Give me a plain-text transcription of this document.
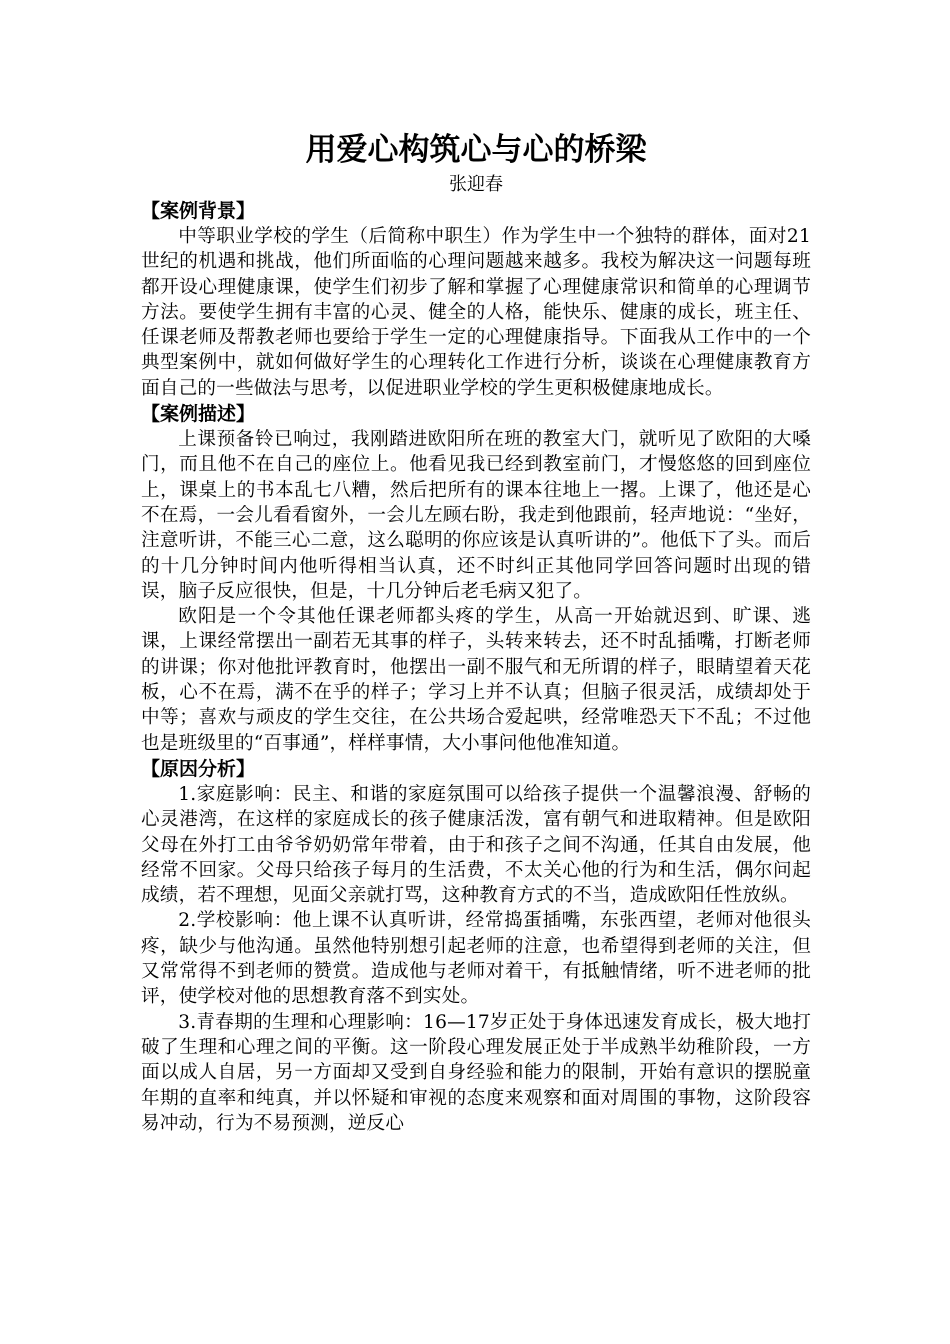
用爱心构筑心与心的桥梁
张迎春
【案例背景】

中等职业学校的学生（后简称中职生）作为学生中一个独特的群体，面对21世纪的机遇和挑战，他们所面临的心理问题越来越多。我校为解决这一问题每班都开设心理健康课，使学生们初步了解和掌握了心理健康常识和简单的心理调节方法。要使学生拥有丰富的心灵、健全的人格，能快乐、健康的成长，班主任、任课老师及帮教老师也要给于学生一定的心理健康指导。下面我从工作中的一个典型案例中，就如何做好学生的心理转化工作进行分析，谈谈在心理健康教育方面自己的一些做法与思考，以促进职业学校的学生更积极健康地成长。

【案例描述】

上课预备铃已响过，我刚踏进欧阳所在班的教室大门，就听见了欧阳的大嗓门，而且他不在自己的座位上。他看见我已经到教室前门，才慢悠悠的回到座位上，课桌上的书本乱七八糟，然后把所有的课本往地上一撂。上课了，他还是心不在焉，一会儿看看窗外，一会儿左顾右盼，我走到他跟前，轻声地说：“坐好，注意听讲，不能三心二意，这么聪明的你应该是认真听讲的”。他低下了头。而后的十几分钟时间内他听得相当认真，还不时纠正其他同学回答问题时出现的错误，脑子反应很快，但是，十几分钟后老毛病又犯了。

欧阳是一个令其他任课老师都头疼的学生，从高一开始就迟到、旷课、逃课，上课经常摆出一副若无其事的样子，头转来转去，还不时乱插嘴，打断老师的讲课；你对他批评教育时，他摆出一副不服气和无所谓的样子，眼睛望着天花板，心不在焉，满不在乎的样子；学习上并不认真；但脑子很灵活，成绩却处于中等；喜欢与顽皮的学生交往，在公共场合爱起哄，经常唯恐天下不乱；不过他也是班级里的“百事通”，样样事情，大小事问他他准知道。

【原因分析】

1.家庭影响：民主、和谐的家庭氛围可以给孩子提供一个温馨浪漫、舒畅的心灵港湾，在这样的家庭成长的孩子健康活泼，富有朝气和进取精神。但是欧阳父母在外打工由爷爷奶奶常年带着，由于和孩子之间不沟通，任其自由发展，他经常不回家。父母只给孩子每月的生活费，不太关心他的行为和生活，偶尔问起成绩，若不理想，见面父亲就打骂，这种教育方式的不当，造成欧阳任性放纵。

2.学校影响：他上课不认真听讲，经常捣蛋插嘴，东张西望，老师对他很头疼，缺少与他沟通。虽然他特别想引起老师的注意，也希望得到老师的关注，但又常常得不到老师的赞赏。造成他与老师对着干，有抵触情绪，听不进老师的批评，使学校对他的思想教育落不到实处。

3.青春期的生理和心理影响：16—17岁正处于身体迅速发育成长，极大地打破了生理和心理之间的平衡。这一阶段心理发展正处于半成熟半幼稚阶段，一方面以成人自居，另一方面却又受到自身经验和能力的限制，开始有意识的摆脱童年期的直率和纯真，并以怀疑和审视的态度来观察和面对周围的事物，这阶段容易冲动，行为不易预测，逆反心
